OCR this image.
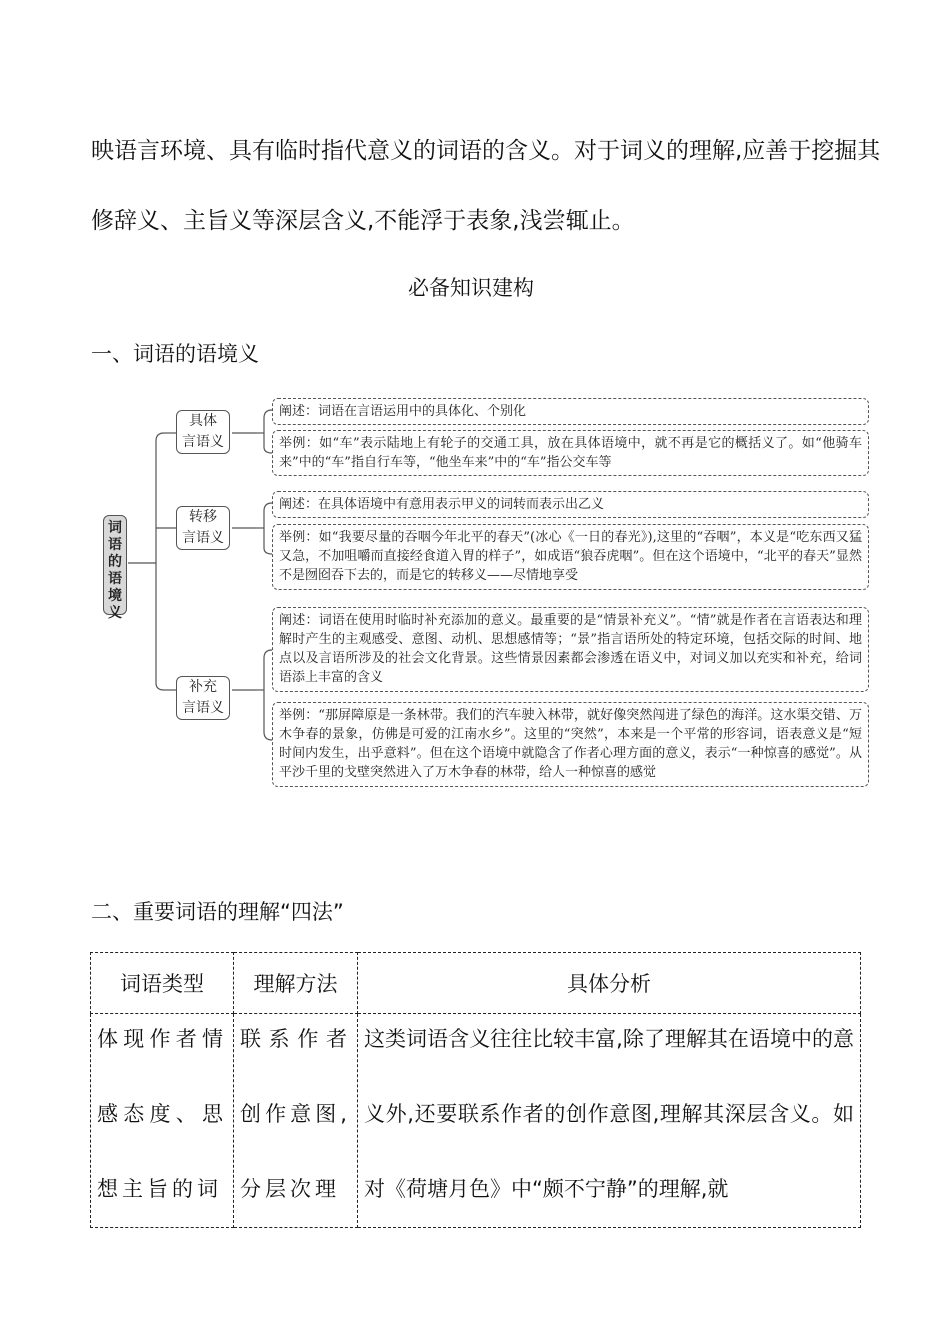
映语言环境、具有临时指代意义的词语的含义。对于词义的理解,应善于挖掘其

修辞义、主旨义等深层含义,不能浮于表象,浅尝辄止。

必备知识建构
一、词语的语境义
词
语
的
语
境
义
具体
言语义
转移
言语义
补充
言语义
阐述：词语在言语运用中的具体化、个别化
举例：如“车”表示陆地上有轮子的交通工具，放在具体语境中，就不再是它的概括义了。如“他骑车来”中的“车”指自行车等，“他坐车来”中的“车”指公交车等
阐述：在具体语境中有意用表示甲义的词转而表示出乙义
举例：如“我要尽量的吞咽今年北平的春天”(冰心《一日的春光》),这里的“吞咽”，本义是“吃东西又猛又急，不加咀嚼而直接经食道入胃的样子”，如成语“狼吞虎咽”。但在这个语境中，“北平的春天”显然不是囫囵吞下去的，而是它的转移义——尽情地享受
阐述：词语在使用时临时补充添加的意义。最重要的是“情景补充义”。“情”就是作者在言语表达和理解时产生的主观感受、意图、动机、思想感情等；“景”指言语所处的特定环境，包括交际的时间、地点以及言语所涉及的社会文化背景。这些情景因素都会渗透在语义中，对词义加以充实和补充，给词语添上丰富的含义
举例：“那屏障原是一条林带。我们的汽车驶入林带，就好像突然闯进了绿色的海洋。这水渠交错、万木争春的景象，仿佛是可爱的江南水乡”。这里的“突然”，本来是一个平常的形容词，语表意义是“短时间内发生，出乎意料”。但在这个语境中就隐含了作者心理方面的意义，表示“一种惊喜的感觉”。从平沙千里的戈壁突然进入了万木争春的林带，给人一种惊喜的感觉
二、重要词语的理解“四法”
词语类型	理解方法	具体分析

体现作者情感态度、思想主旨的词	联系作者创作意图,分层次理	这类词语含义往往比较丰富,除了理解其在语境中的意义外,还要联系作者的创作意图,理解其深层含义。如对《荷塘月色》中“颇不宁静”的理解,就
